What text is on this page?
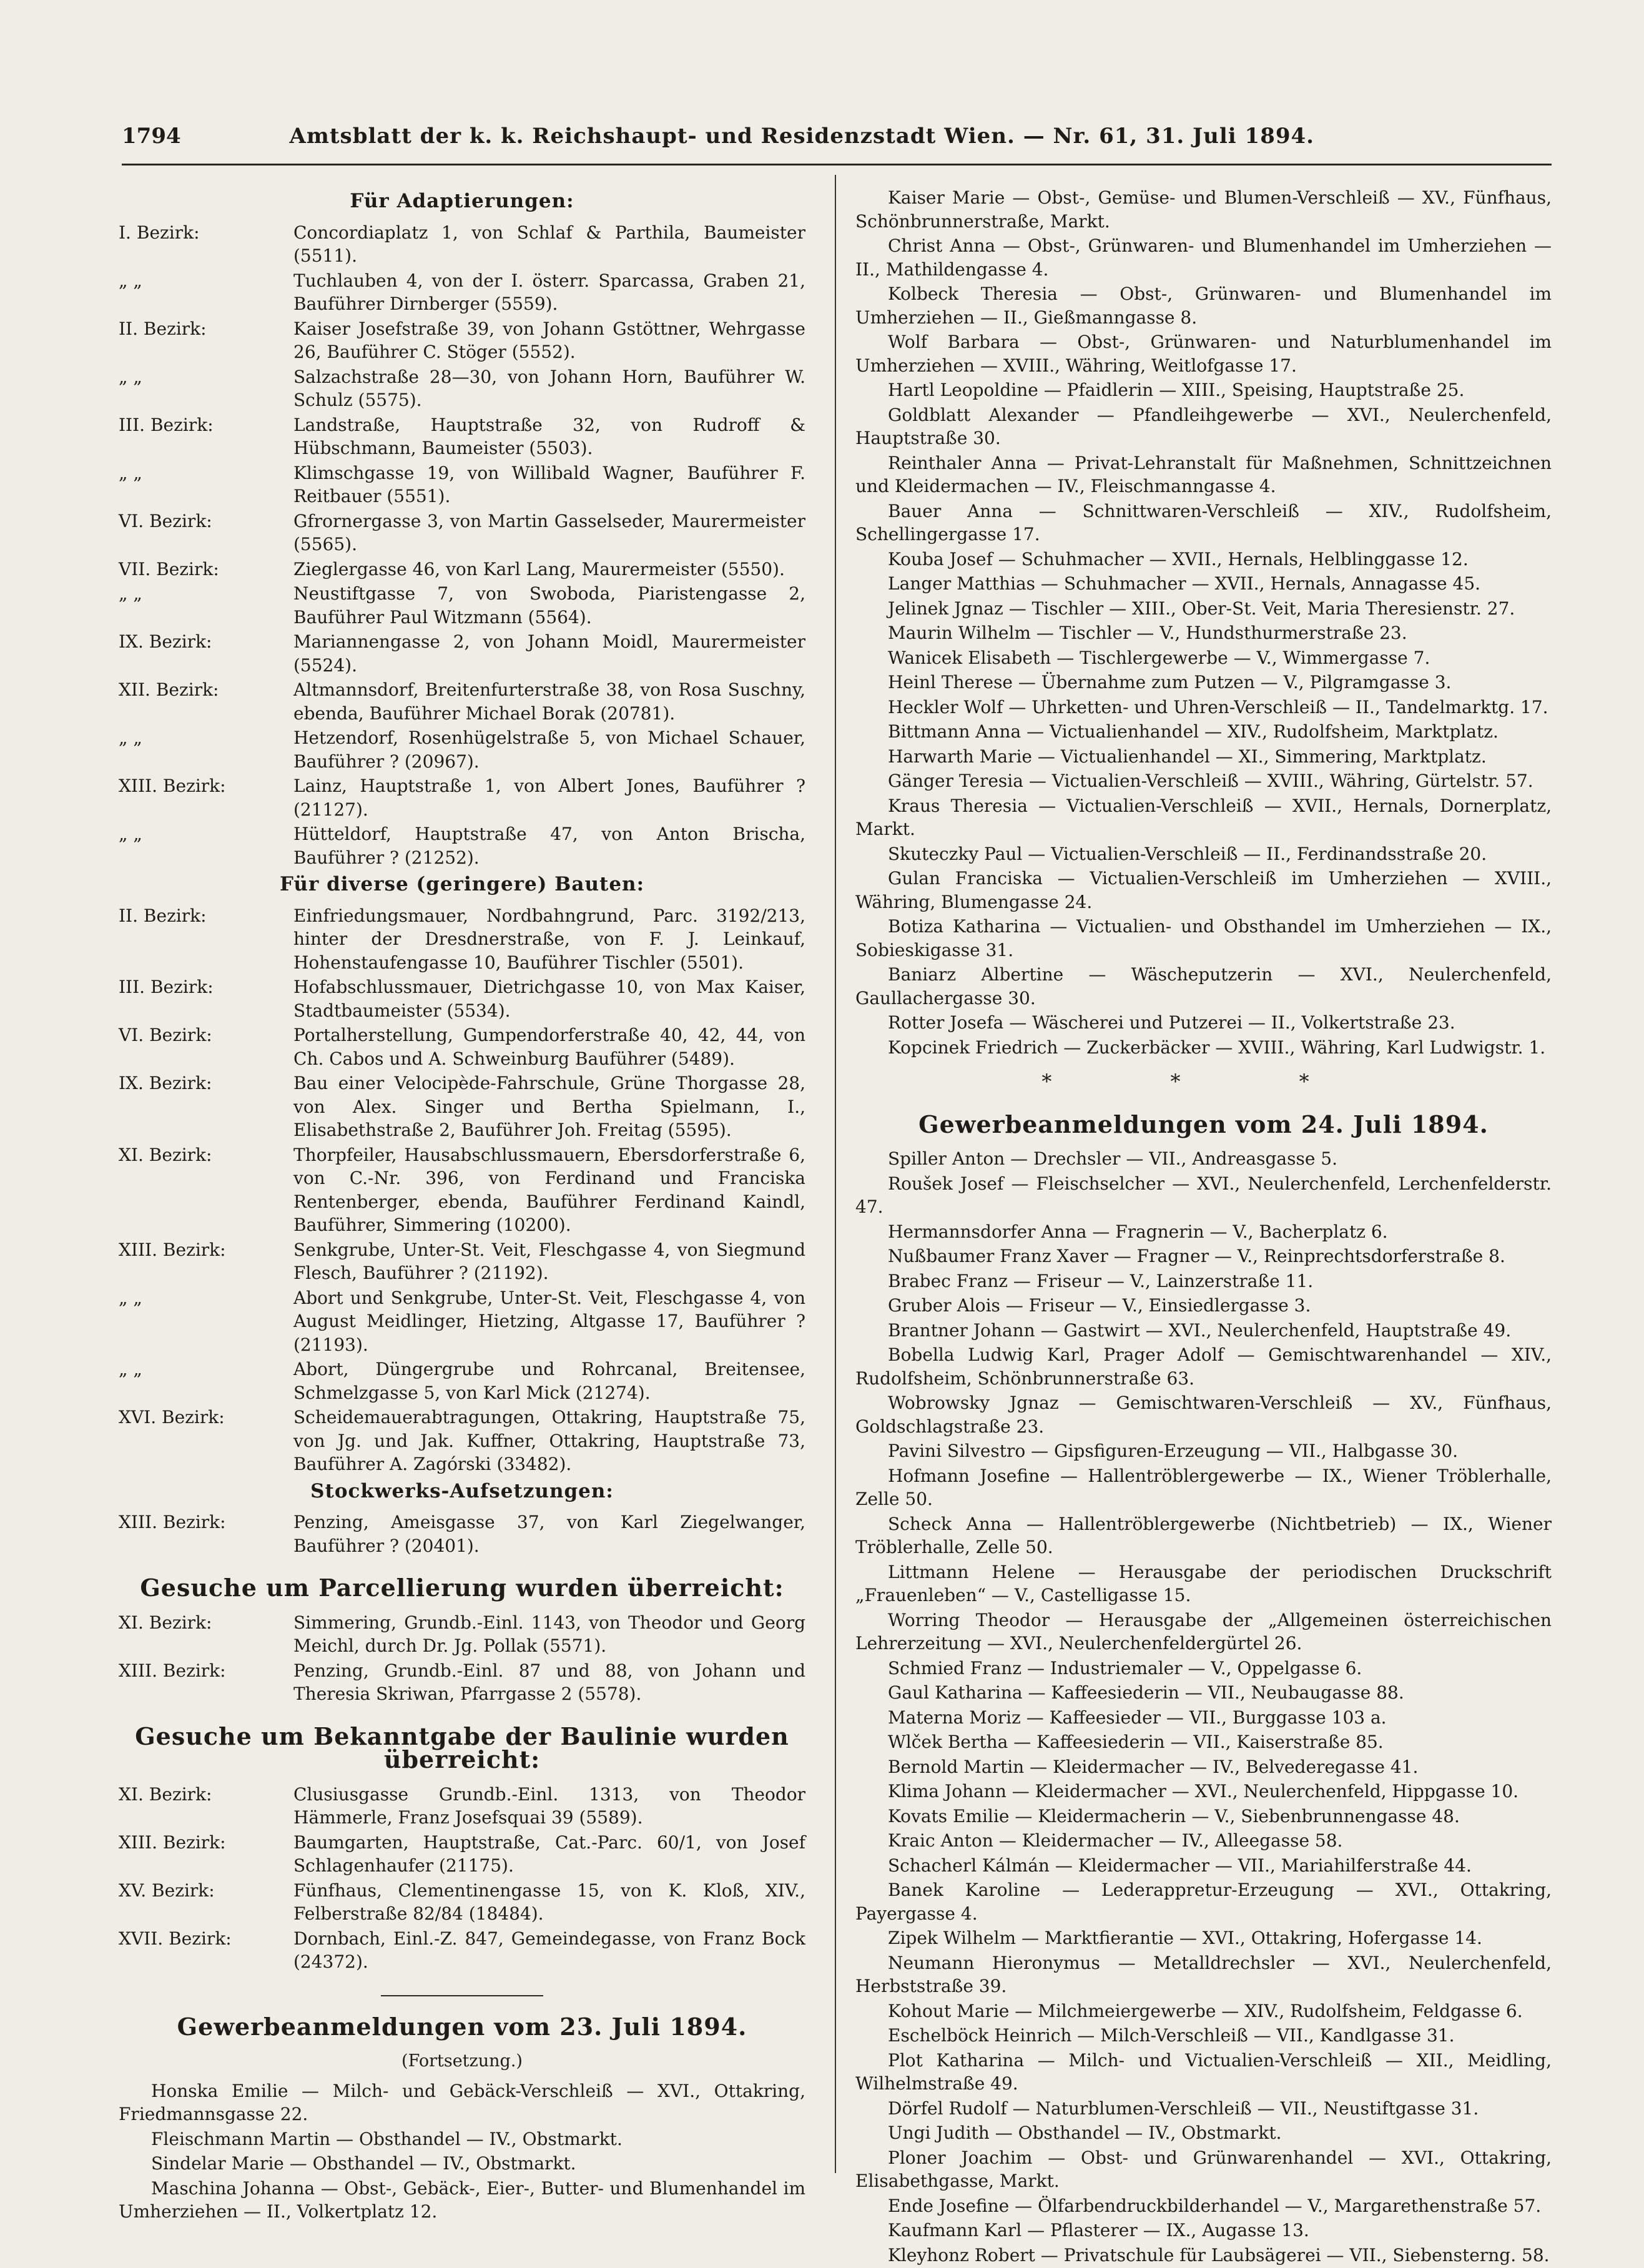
1794	Amtsblatt der k. k. Reichshaupt- und Residenzstadt Wien. — Nr. 61, 31. Juli 1894.
Für Adaptierungen:
I. Bezirk:	Concordiaplatz 1, von Schlaf & Parthila, Baumeister (5511).
„ „	Tuchlauben 4, von der I. österr. Sparcassa, Graben 21, Bauführer Dirnberger (5559).
II. Bezirk:	Kaiser Josefstraße 39, von Johann Gstöttner, Wehrgasse 26, Bauführer C. Stöger (5552).
„ „	Salzachstraße 28—30, von Johann Horn, Bauführer W. Schulz (5575).
III. Bezirk:	Landstraße, Hauptstraße 32, von Rudroff & Hübschmann, Baumeister (5503).
„ „	Klimschgasse 19, von Willibald Wagner, Bauführer F. Reitbauer (5551).
VI. Bezirk:	Gfrornergasse 3, von Martin Gasselseder, Maurermeister (5565).
VII. Bezirk:	Zieglergasse 46, von Karl Lang, Maurermeister (5550).
„ „	Neustiftgasse 7, von Swoboda, Piaristengasse 2, Bauführer Paul Witzmann (5564).
IX. Bezirk:	Mariannengasse 2, von Johann Moidl, Maurermeister (5524).
XII. Bezirk:	Altmannsdorf, Breitenfurterstraße 38, von Rosa Suschny, ebenda, Bauführer Michael Borak (20781).
„ „	Hetzendorf, Rosenhügelstraße 5, von Michael Schauer, Bauführer ? (20967).
XIII. Bezirk:	Lainz, Hauptstraße 1, von Albert Jones, Bauführer ? (21127).
„ „	Hütteldorf, Hauptstraße 47, von Anton Brischa, Bauführer ? (21252).
Für diverse (geringere) Bauten:
II. Bezirk:	Einfriedungsmauer, Nordbahngrund, Parc. 3192/213, hinter der Dresdnerstraße, von F. J. Leinkauf, Hohenstaufengasse 10, Bauführer Tischler (5501).
III. Bezirk:	Hofabschlussmauer, Dietrichgasse 10, von Max Kaiser, Stadtbaumeister (5534).
VI. Bezirk:	Portalherstellung, Gumpendorferstraße 40, 42, 44, von Ch. Cabos und A. Schweinburg Bauführer (5489).
IX. Bezirk:	Bau einer Velocipède-Fahrschule, Grüne Thorgasse 28, von Alex. Singer und Bertha Spielmann, I., Elisabethstraße 2, Bauführer Joh. Freitag (5595).
XI. Bezirk:	Thorpfeiler, Hausabschlussmauern, Ebersdorferstraße 6, von C.-Nr. 396, von Ferdinand und Franciska Rentenberger, ebenda, Bauführer Ferdinand Kaindl, Bauführer, Simmering (10200).
XIII. Bezirk:	Senkgrube, Unter-St. Veit, Fleschgasse 4, von Siegmund Flesch, Bauführer ? (21192).
„ „	Abort und Senkgrube, Unter-St. Veit, Fleschgasse 4, von August Meidlinger, Hietzing, Altgasse 17, Bauführer ? (21193).
„ „	Abort, Düngergrube und Rohrcanal, Breitensee, Schmelzgasse 5, von Karl Mick (21274).
XVI. Bezirk:	Scheidemauerabtragungen, Ottakring, Hauptstraße 75, von Jg. und Jak. Kuffner, Ottakring, Hauptstraße 73, Bauführer A. Zagórski (33482).
Stockwerks-Aufsetzungen:
XIII. Bezirk:	Penzing, Ameisgasse 37, von Karl Ziegelwanger, Bauführer ? (20401).
Gesuche um Parcellierung wurden überreicht:
XI. Bezirk:	Simmering, Grundb.-Einl. 1143, von Theodor und Georg Meichl, durch Dr. Jg. Pollak (5571).
XIII. Bezirk:	Penzing, Grundb.-Einl. 87 und 88, von Johann und Theresia Skriwan, Pfarrgasse 2 (5578).
Gesuche um Bekanntgabe der Baulinie wurden überreicht:
XI. Bezirk:	Clusiusgasse Grundb.-Einl. 1313, von Theodor Hämmerle, Franz Josefsquai 39 (5589).
XIII. Bezirk:	Baumgarten, Hauptstraße, Cat.-Parc. 60/1, von Josef Schlagenhaufer (21175).
XV. Bezirk:	Fünfhaus, Clementinengasse 15, von K. Kloß, XIV., Felberstraße 82/84 (18484).
XVII. Bezirk:	Dornbach, Einl.-Z. 847, Gemeindegasse, von Franz Bock (24372).
Gewerbeanmeldungen vom 23. Juli 1894.
(Fortsetzung.)
Honska Emilie — Milch- und Gebäck-Verschleiß — XVI., Ottakring, Friedmannsgasse 22.
Fleischmann Martin — Obsthandel — IV., Obstmarkt.
Sindelar Marie — Obsthandel — IV., Obstmarkt.
Maschina Johanna — Obst-, Gebäck-, Eier-, Butter- und Blumenhandel im Umherziehen — II., Volkertplatz 12.
Kaiser Marie — Obst-, Gemüse- und Blumen-Verschleiß — XV., Fünfhaus, Schönbrunnerstraße, Markt.
Christ Anna — Obst-, Grünwaren- und Blumenhandel im Umherziehen — II., Mathildengasse 4.
Kolbeck Theresia — Obst-, Grünwaren- und Blumenhandel im Umherziehen — II., Gießmanngasse 8.
Wolf Barbara — Obst-, Grünwaren- und Naturblumenhandel im Umherziehen — XVIII., Währing, Weitlofgasse 17.
Hartl Leopoldine — Pfaidlerin — XIII., Speising, Hauptstraße 25.
Goldblatt Alexander — Pfandleihgewerbe — XVI., Neulerchenfeld, Hauptstraße 30.
Reinthaler Anna — Privat-Lehranstalt für Maßnehmen, Schnittzeichnen und Kleidermachen — IV., Fleischmanngasse 4.
Bauer Anna — Schnittwaren-Verschleiß — XIV., Rudolfsheim, Schellingergasse 17.
Kouba Josef — Schuhmacher — XVII., Hernals, Helblinggasse 12.
Langer Matthias — Schuhmacher — XVII., Hernals, Annagasse 45.
Jelinek Jgnaz — Tischler — XIII., Ober-St. Veit, Maria Theresienstr. 27.
Maurin Wilhelm — Tischler — V., Hundsthurmerstraße 23.
Wanicek Elisabeth — Tischlergewerbe — V., Wimmergasse 7.
Heinl Therese — Übernahme zum Putzen — V., Pilgramgasse 3.
Heckler Wolf — Uhrketten- und Uhren-Verschleiß — II., Tandelmarktg. 17.
Bittmann Anna — Victualienhandel — XIV., Rudolfsheim, Marktplatz.
Harwarth Marie — Victualienhandel — XI., Simmering, Marktplatz.
Gänger Teresia — Victualien-Verschleiß — XVIII., Währing, Gürtelstr. 57.
Kraus Theresia — Victualien-Verschleiß — XVII., Hernals, Dornerplatz, Markt.
Skuteczky Paul — Victualien-Verschleiß — II., Ferdinandsstraße 20.
Gulan Franciska — Victualien-Verschleiß im Umherziehen — XVIII., Währing, Blumengasse 24.
Botiza Katharina — Victualien- und Obsthandel im Umherziehen — IX., Sobieskigasse 31.
Baniarz Albertine — Wäscheputzerin — XVI., Neulerchenfeld, Gaullachergasse 30.
Rotter Josefa — Wäscherei und Putzerei — II., Volkertstraße 23.
Kopcinek Friedrich — Zuckerbäcker — XVIII., Währing, Karl Ludwigstr. 1.
* * *
Gewerbeanmeldungen vom 24. Juli 1894.
Spiller Anton — Drechsler — VII., Andreasgasse 5.
Roušek Josef — Fleischselcher — XVI., Neulerchenfeld, Lerchenfelderstr. 47.
Hermannsdorfer Anna — Fragnerin — V., Bacherplatz 6.
Nußbaumer Franz Xaver — Fragner — V., Reinprechtsdorferstraße 8.
Brabec Franz — Friseur — V., Lainzerstraße 11.
Gruber Alois — Friseur — V., Einsiedlergasse 3.
Brantner Johann — Gastwirt — XVI., Neulerchenfeld, Hauptstraße 49.
Bobella Ludwig Karl, Prager Adolf — Gemischtwarenhandel — XIV., Rudolfsheim, Schönbrunnerstraße 63.
Wobrowsky Jgnaz — Gemischtwaren-Verschleiß — XV., Fünfhaus, Goldschlagstraße 23.
Pavini Silvestro — Gipsfiguren-Erzeugung — VII., Halbgasse 30.
Hofmann Josefine — Hallentröblergewerbe — IX., Wiener Tröblerhalle, Zelle 50.
Scheck Anna — Hallentröblergewerbe (Nichtbetrieb) — IX., Wiener Tröblerhalle, Zelle 50.
Littmann Helene — Herausgabe der periodischen Druckschrift „Frauenleben“ — V., Castelligasse 15.
Worring Theodor — Herausgabe der „Allgemeinen österreichischen Lehrerzeitung — XVI., Neulerchenfeldergürtel 26.
Schmied Franz — Industriemaler — V., Oppelgasse 6.
Gaul Katharina — Kaffeesiederin — VII., Neubaugasse 88.
Materna Moriz — Kaffeesieder — VII., Burggasse 103 a.
Wlček Bertha — Kaffeesiederin — VII., Kaiserstraße 85.
Bernold Martin — Kleidermacher — IV., Belvederegasse 41.
Klima Johann — Kleidermacher — XVI., Neulerchenfeld, Hippgasse 10.
Kovats Emilie — Kleidermacherin — V., Siebenbrunnengasse 48.
Kraic Anton — Kleidermacher — IV., Alleegasse 58.
Schacherl Kálmán — Kleidermacher — VII., Mariahilferstraße 44.
Banek Karoline — Lederappretur-Erzeugung — XVI., Ottakring, Payergasse 4.
Zipek Wilhelm — Marktfierantie — XVI., Ottakring, Hofergasse 14.
Neumann Hieronymus — Metalldrechsler — XVI., Neulerchenfeld, Herbststraße 39.
Kohout Marie — Milchmeiergewerbe — XIV., Rudolfsheim, Feldgasse 6.
Eschelböck Heinrich — Milch-Verschleiß — VII., Kandlgasse 31.
Plot Katharina — Milch- und Victualien-Verschleiß — XII., Meidling, Wilhelmstraße 49.
Dörfel Rudolf — Naturblumen-Verschleiß — VII., Neustiftgasse 31.
Ungi Judith — Obsthandel — IV., Obstmarkt.
Ploner Joachim — Obst- und Grünwarenhandel — XVI., Ottakring, Elisabethgasse, Markt.
Ende Josefine — Ölfarbendruckbilderhandel — V., Margarethenstraße 57.
Kaufmann Karl — Pflasterer — IX., Augasse 13.
Kleyhonz Robert — Privatschule für Laubsägerei — VII., Siebensterng. 58.
